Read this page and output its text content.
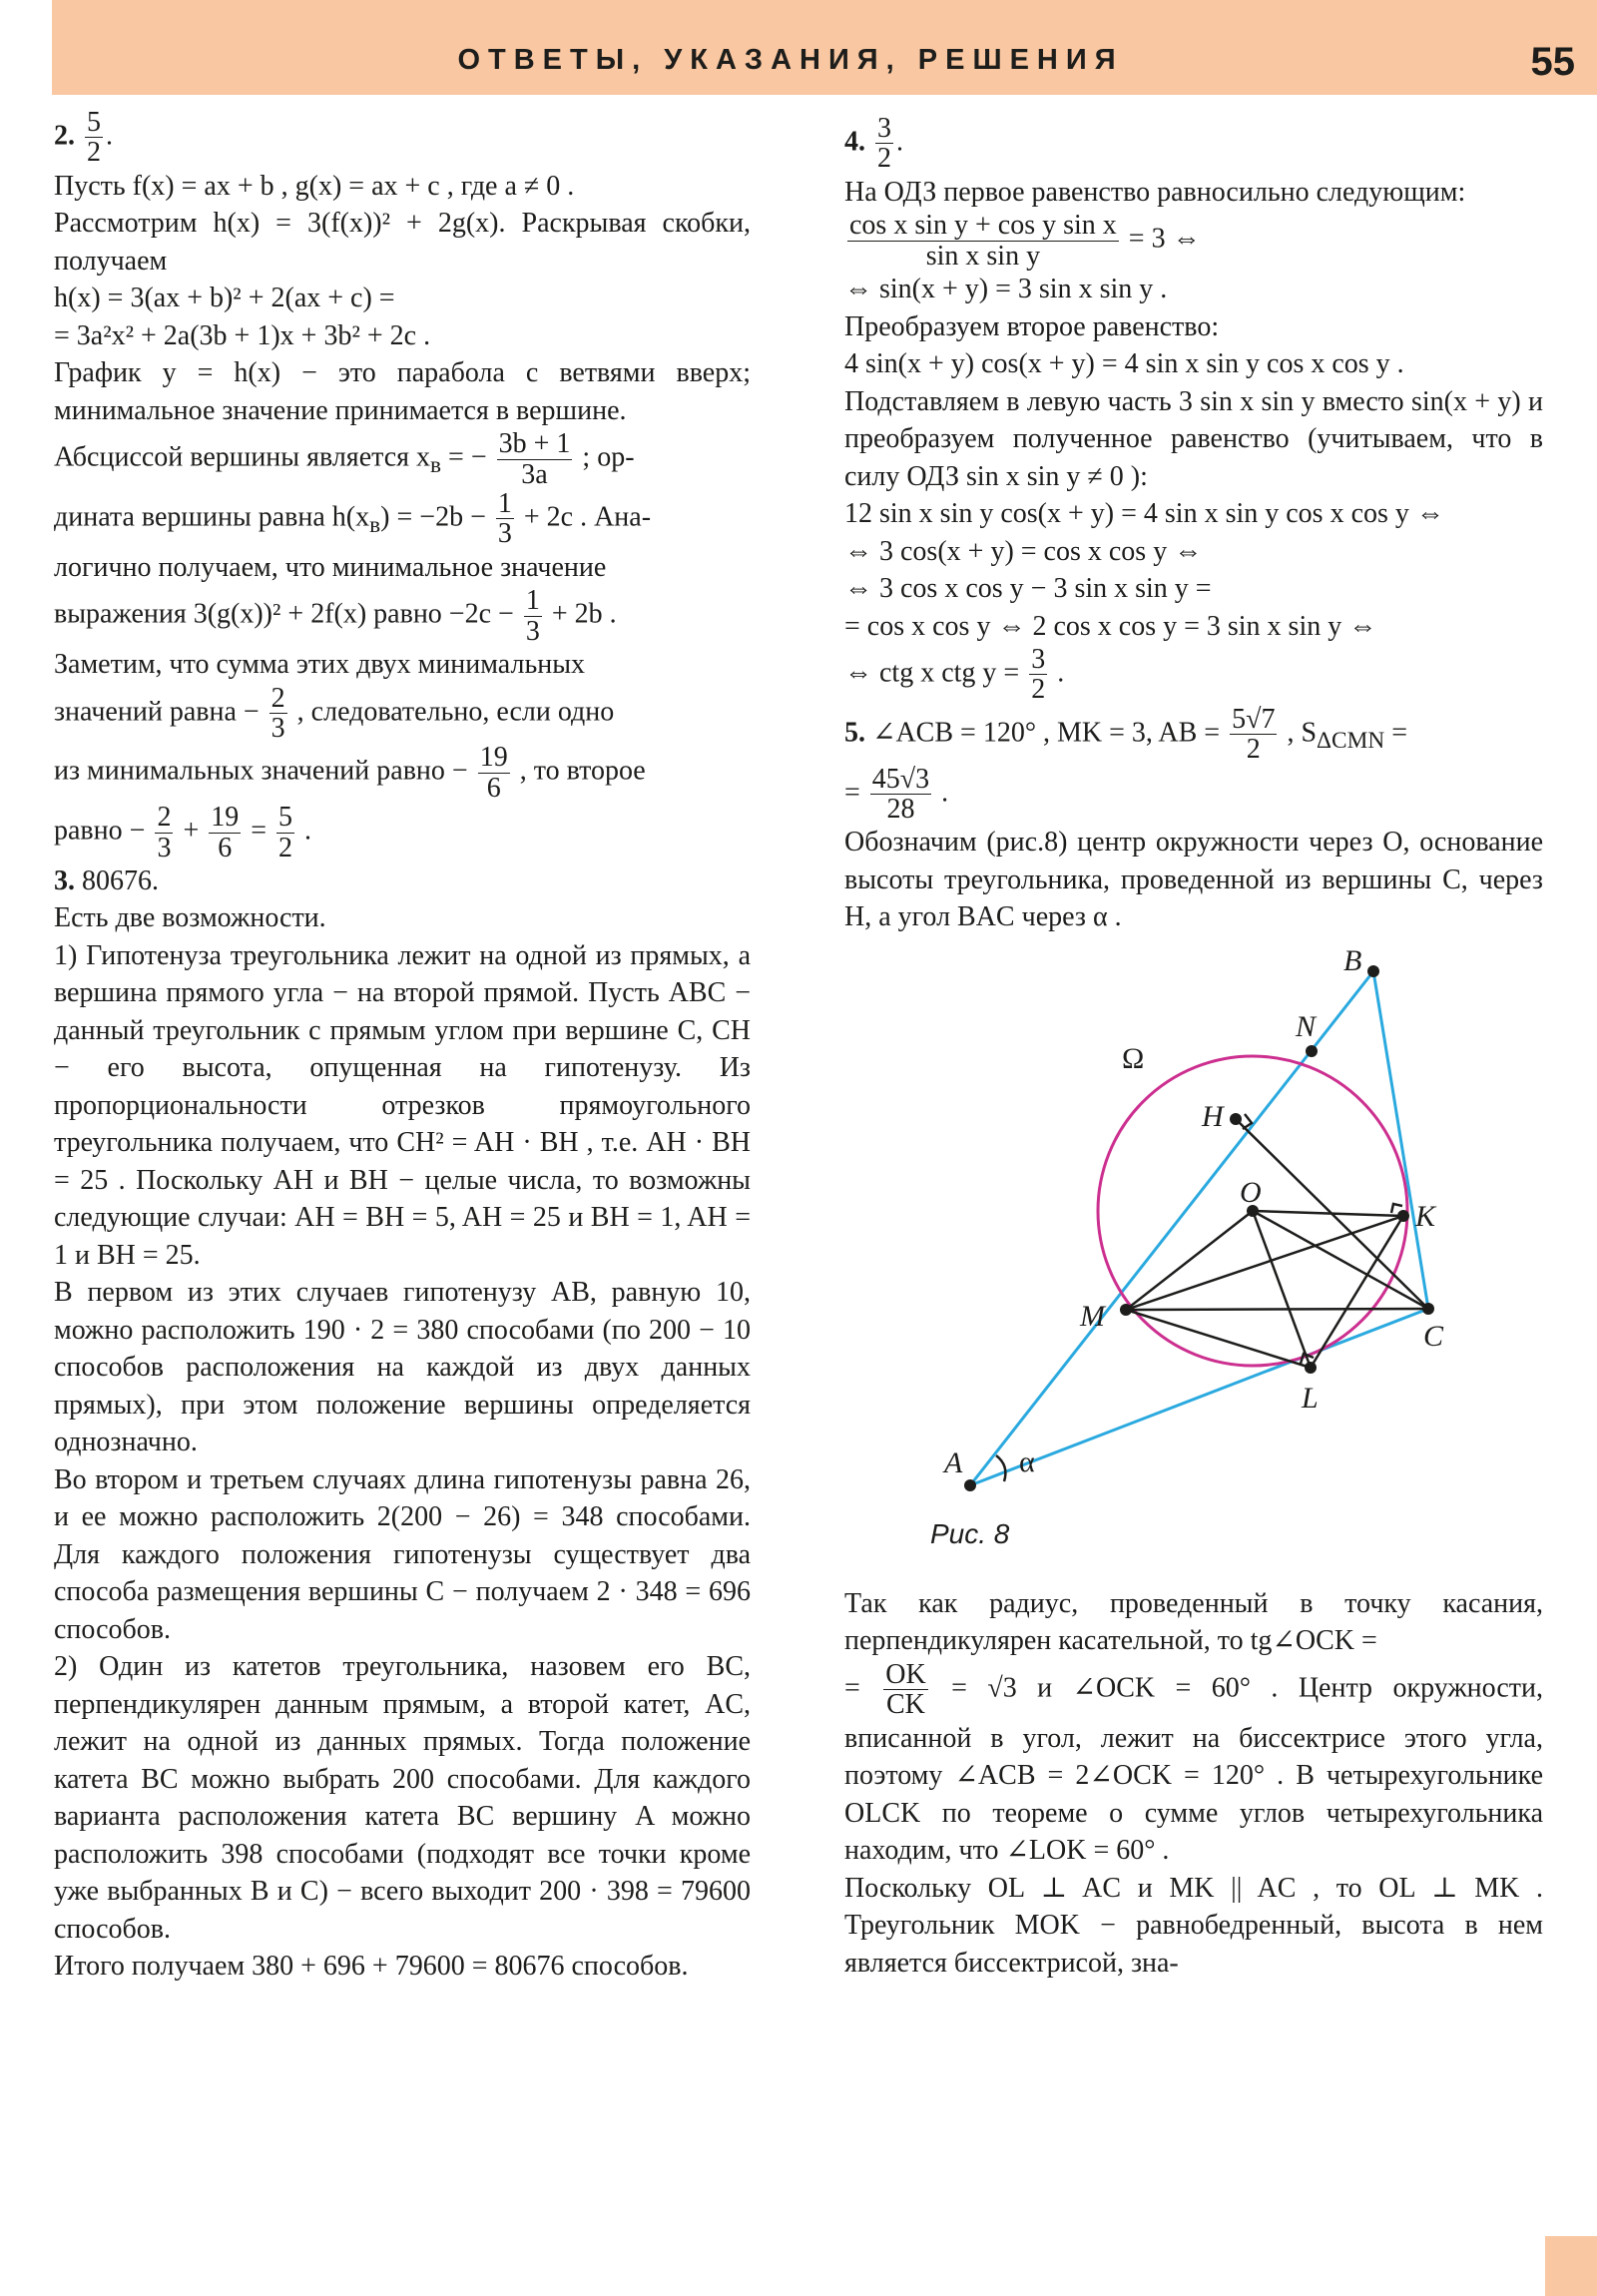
ОТВЕТЫ, УКАЗАНИЯ, РЕШЕНИЯ	55

2. $\frac{5}{2}$ .

Пусть f(x) = ax + b , g(x) = ax + c , где a ≠ 0 .

Рассмотрим h(x) = 3(f(x))² + 2g(x). Раскрывая скобки, получаем

h(x) = 3(ax + b)² + 2(ax + c) =

= 3a²x² + 2a(3b + 1)x + 3b² + 2c .

График y = h(x) − это парабола с ветвями вверх; минимальное значение принимается в вершине.

Абсциссой вершины является $x_в$ = − $\frac{3b + 1}{3a}$ ; ор-

дината вершины равна $h(x_в) = -2b - \frac{1}{3} + 2c$ . Ана-

логично получаем, что минимальное значение

выражения 3(g(x))² + 2f(x) равно $-2c - \frac{1}{3} + 2b$ .

Заметим, что сумма этих двух минимальных

значений равна − $\frac{2}{3}$ , следовательно, если одно

из минимальных значений равно − $\frac{19}{6}$ , то второе

равно − $\frac{2}{3} + \frac{19}{6} = \frac{5}{2}$ .

3. 80676.

Есть две возможности.

1) Гипотенуза треугольника лежит на одной из прямых, а вершина прямого угла − на второй прямой. Пусть ABC − данный треугольник с прямым углом при вершине C, CH − его высота, опущенная на гипотенузу. Из пропорциональности отрезков прямоугольного треугольника получаем, что CH² = AH · BH , т.е. AH · BH = 25 . Поскольку AH и BH − целые числа, то возможны следующие случаи: AH = BH = 5, AH = 25 и BH = 1, AH = 1 и BH = 25.

В первом из этих случаев гипотенузу AB, равную 10, можно расположить 190 · 2 = 380 способами (по 200 − 10 способов расположения на каждой из двух данных прямых), при этом положение вершины определяется однозначно.

Во втором и третьем случаях длина гипотенузы равна 26, и ее можно расположить 2(200 − 26) = 348 способами. Для каждого положения гипотенузы существует два способа размещения вершины C − получаем 2 · 348 = 696 способов.

2) Один из катетов треугольника, назовем его BC, перпендикулярен данным прямым, а второй катет, AC, лежит на одной из данных прямых. Тогда положение катета BC можно выбрать 200 способами. Для каждого варианта расположения катета BC вершину A можно расположить 398 способами (подходят все точки кроме уже выбранных B и C) − всего выходит 200 · 398 = 79600 способов.

Итого получаем 380 + 696 + 79600 = 80676 способов.

4. $\frac{3}{2}$ .

На ОДЗ первое равенство равносильно следующим:

$\frac{\text{cos x sin y + cos y sin x}}{\text{sin x sin y}} = 3$ ⇔

⇔ sin(x + y) = 3 sin x sin y .

Преобразуем второе равенство:

4 sin(x + y) cos(x + y) = 4 sin x sin y cos x cos y .

Подставляем в левую часть 3 sin x sin y вместо sin(x + y) и преобразуем полученное равенство (учитываем, что в силу ОДЗ sin x sin y ≠ 0 ):

12 sin x sin y cos(x + y) = 4 sin x sin y cos x cos y ⇔

⇔ 3 cos(x + y) = cos x cos y ⇔

⇔ 3 cos x cos y − 3 sin x sin y =

= cos x cos y ⇔ 2 cos x cos y = 3 sin x sin y ⇔

⇔ ctg x ctg $y = \frac{3}{2}$ .

5. ∠ACB = 120° , MK = 3, AB = $\frac{5√7}{2}$ , $S_{\Delta CMN}$ =

= $\frac{45√3}{28}$ .

Обозначим (рис.8) центр окружности через O, основание высоты треугольника, проведенной из вершины C, через H, а угол BAC через α .

A
B
C
H
K
L
M
N
O
Ω
α
Рис. 8

Так как радиус, проведенный в точку касания, перпендикулярен касательной, то tg∠OCK =

= $\frac{OK}{CK} = √3$ и ∠OCK = 60° . Центр окружности, вписанной в угол, лежит на биссектрисе этого угла, поэтому ∠ACB = 2∠OCK = 120° . В четырехугольнике OLCK по теореме о сумме углов четырехугольника находим, что ∠LOK = 60° .

Поскольку OL ⊥ AC и MK || AC , то OL ⊥ MK . Треугольник MOK − равнобедренный, высота в нем является биссектрисой, зна-
